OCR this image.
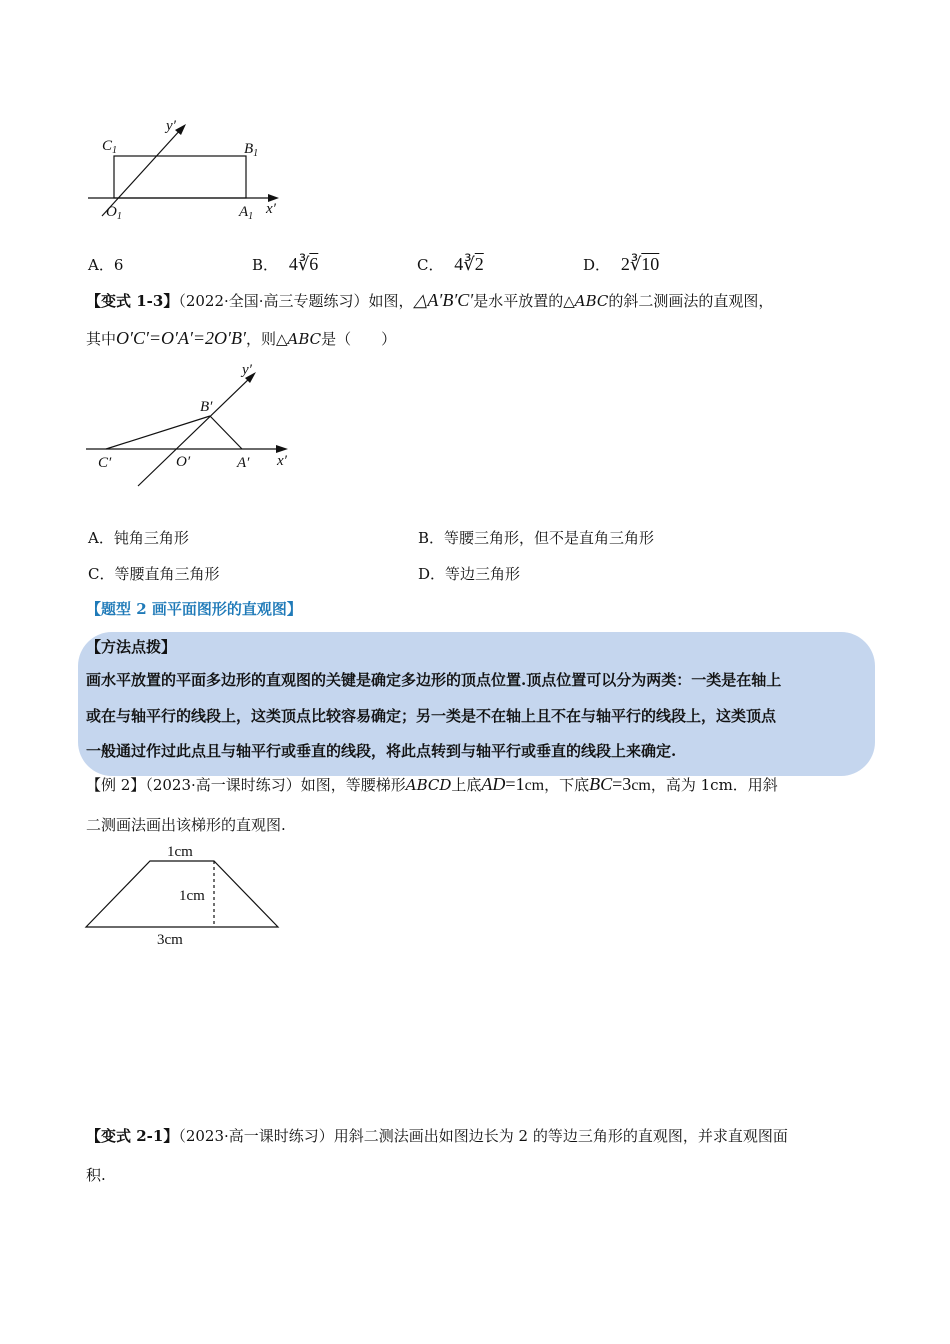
$C_1$	$B_1$
$O_1$	$A_1$ x′
y′
A．6	B． 4∛6	C． 4∛2	D． 2∛10
【变式 1-3】（2022·全国·高三专题练习）如图，△A′B′C′是水平放置的△ABC的斜二测画法的直观图，
其中O′C′=O′A′=2O′B′，则△ABC是（　　）
B′
C′	O′	A′ x′
y′
A．钝角三角形	B．等腰三角形，但不是直角三角形
C．等腰直角三角形	D．等边三角形
【题型 2 画平面图形的直观图】
【方法点拨】
画水平放置的平面多边形的直观图的关键是确定多边形的顶点位置.顶点位置可以分为两类：一类是在轴上
或在与轴平行的线段上，这类顶点比较容易确定；另一类是不在轴上且不在与轴平行的线段上，这类顶点
一般通过作过此点且与轴平行或垂直的线段，将此点转到与轴平行或垂直的线段上来确定.
【例 2】（2023·高一课时练习）如图，等腰梯形ABCD上底AD=1cm，下底BC=3cm，高为 1cm．用斜
二测画法画出该梯形的直观图.
1cm
1cm
3cm
【变式 2-1】（2023·高一课时练习）用斜二测法画出如图边长为 2 的等边三角形的直观图，并求直观图面
积.
